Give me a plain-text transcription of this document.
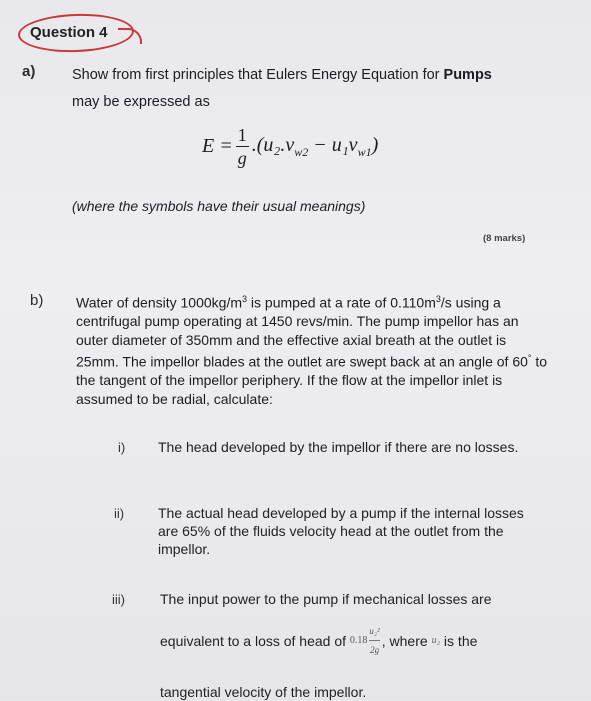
Question 4
a)	Show from first principles that Eulers Energy Equation for Pumps
may be expressed as
$E = \frac{1}{g} .(u_2.v_{w2} - u_1v_{w1})$
(where the symbols have their usual meanings)
(8 marks)
b) Water of density $1000kg/m^3$ is pumped at a rate of $0.110m^3/s$ using a centrifugal pump operating at 1450 revs/min. The pump impellor has an outer diameter of 350mm and the effective axial breath at the outlet is 25mm. The impellor blades at the outlet are swept back at an angle of 60° to the tangent of the impellor periphery. If the flow at the impellor inlet is assumed to be radial, calculate:
i) The head developed by the impellor if there are no losses.
ii) The actual head developed by a pump if the internal losses are 65% of the fluids velocity head at the outlet from the impellor.
iii)	The input power to the pump if mechanical losses are
equivalent to a loss of head of $0.18 \frac{\text{u₂²}}{2g}$ , where u₂ is the
tangential velocity of the impellor.
